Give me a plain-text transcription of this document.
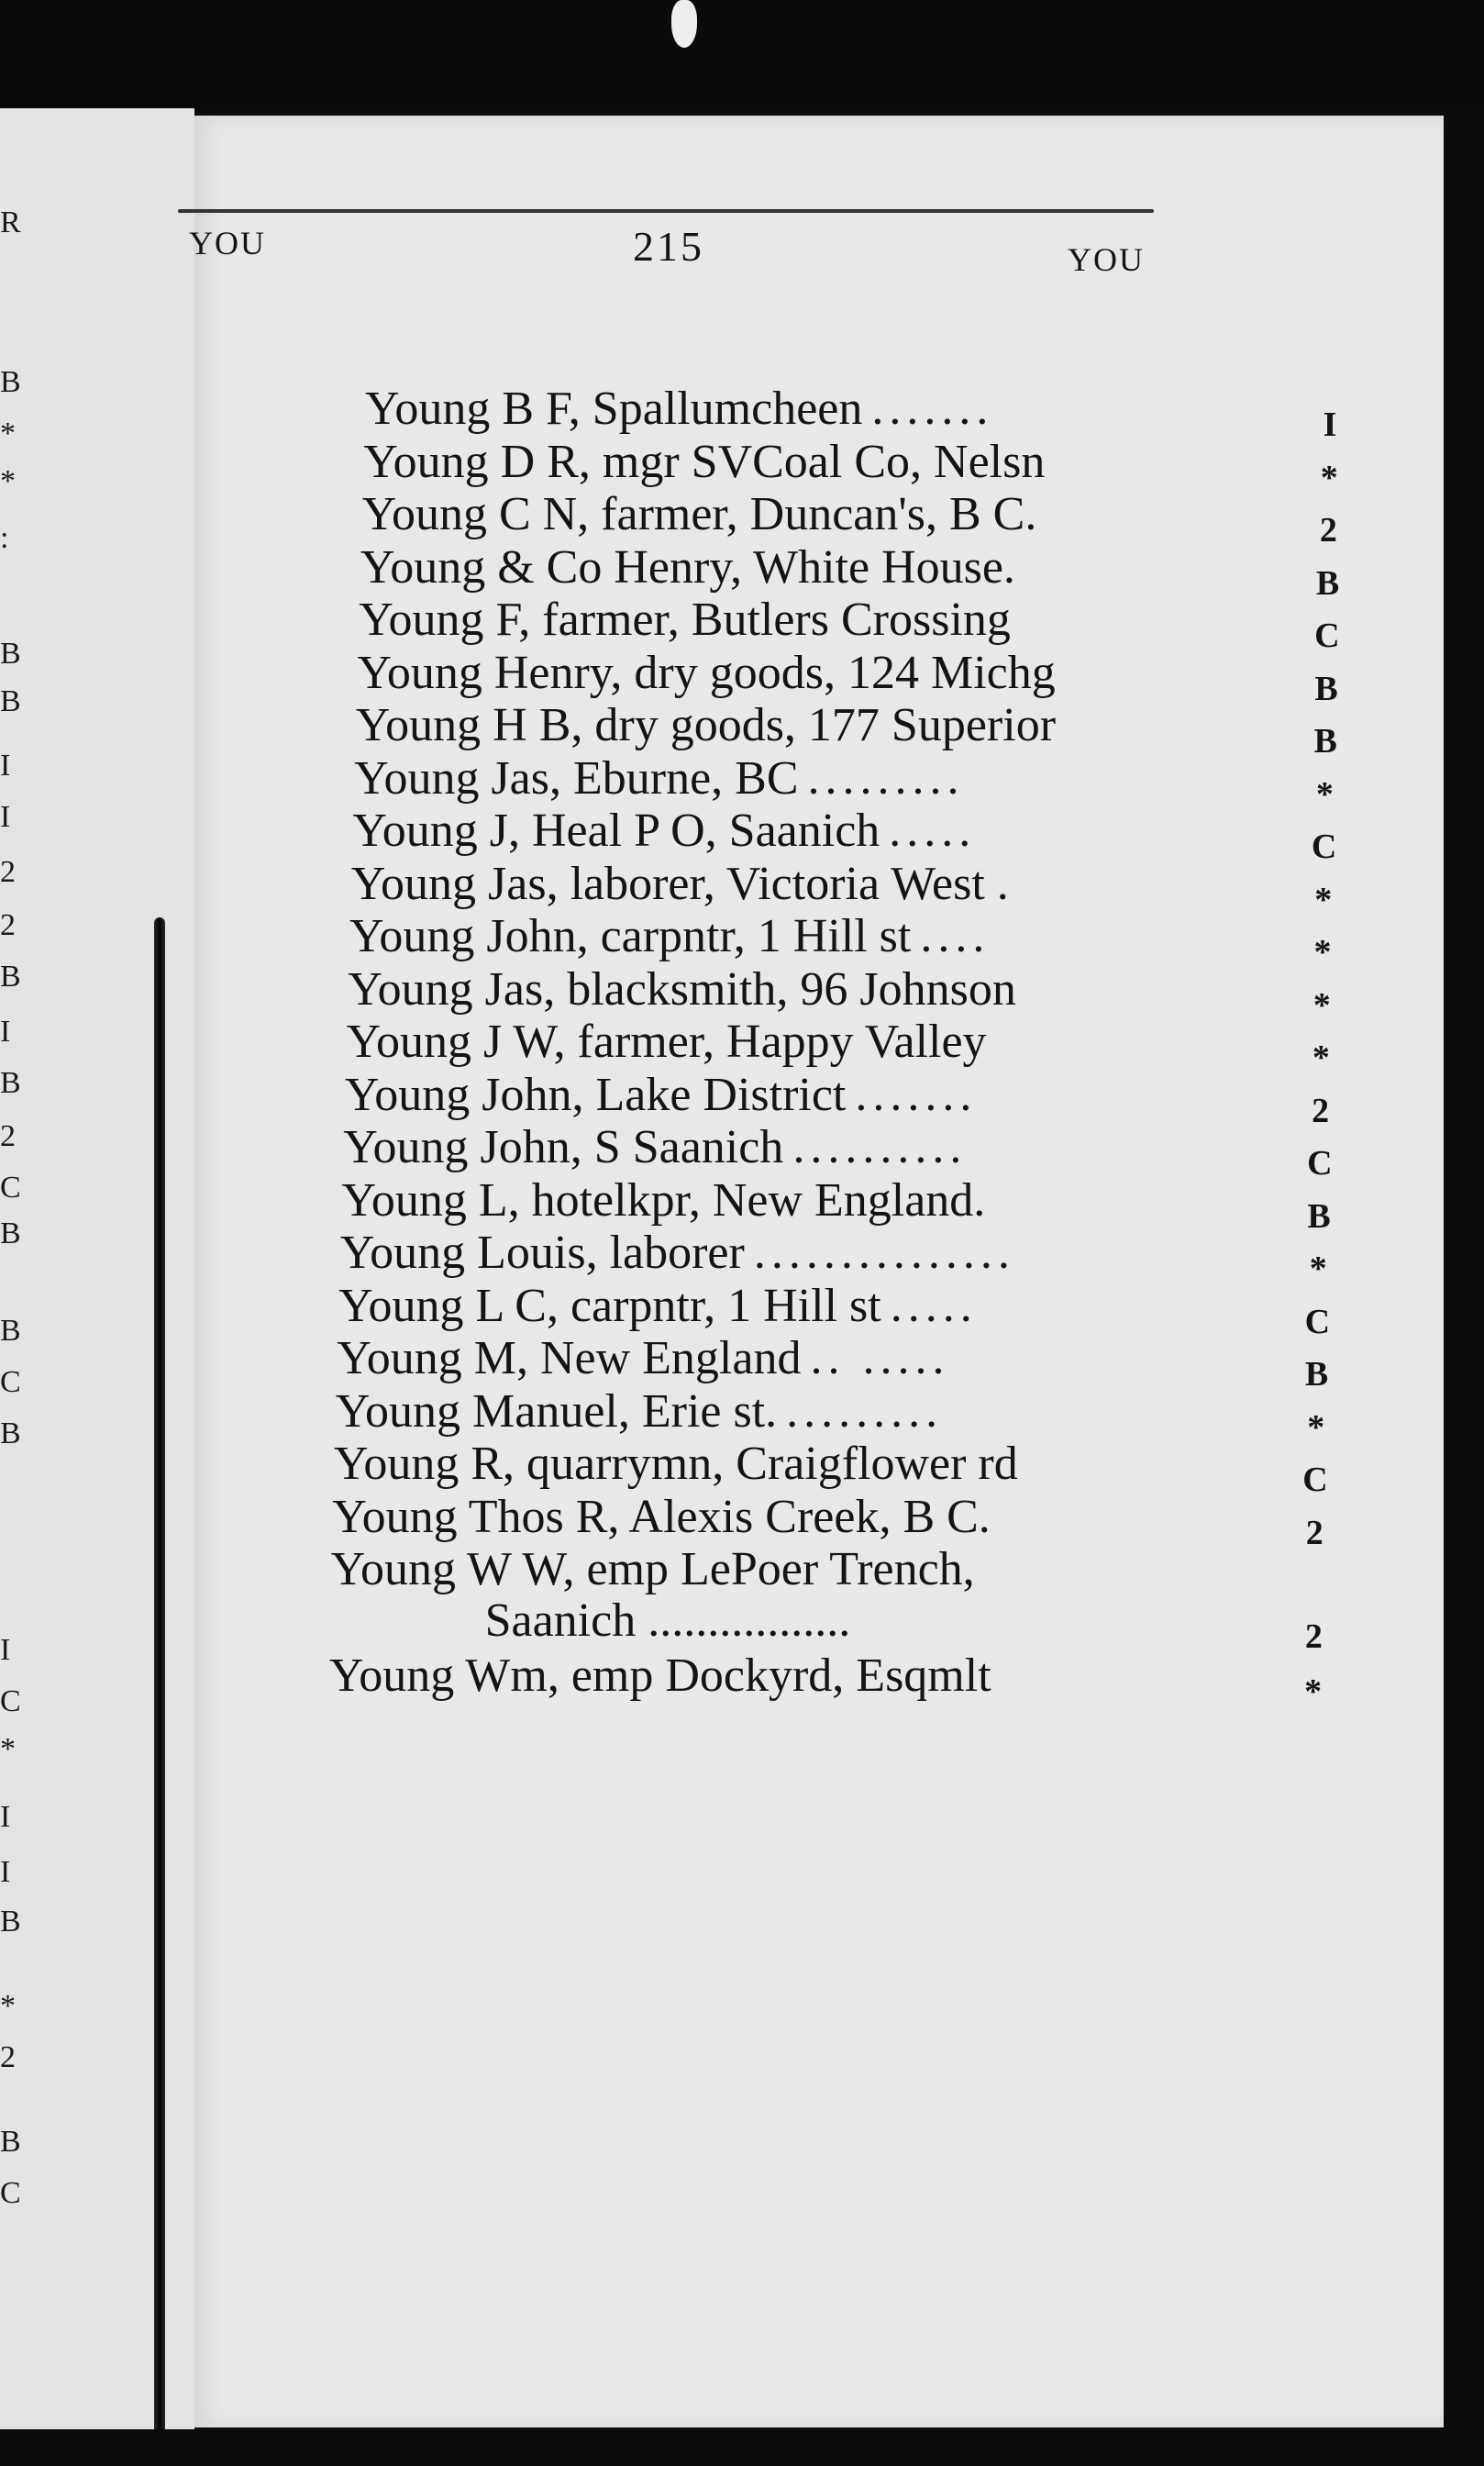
R
B
*
*
:
B
B
I
I
2
2
B
I
B
2
C
B
B
C
B
I
C
*
I
I
B
*
2
B
C
YOU	215	YOU
Young B F, Spallumcheen .......	I
Young D R, mgr SVCoal Co, Nelsn	*
Young C N, farmer, Duncan's, B C.	2
Young & Co Henry, White House.	B
Young F, farmer, Butlers Crossing	C
Young Henry, dry goods, 124 Michg	B
Young H B, dry goods, 177 Superior	B
Young Jas, Eburne, BC .........	*
Young J, Heal P O, Saanich .....	C
Young Jas, laborer, Victoria West .	*
Young John, carpntr, 1 Hill st ....	*
Young Jas, blacksmith, 96 Johnson	*
Young J W, farmer, Happy Valley	*
Young John, Lake District .......	2
Young John, S Saanich ..........	C
Young L, hotelkpr, New England.	B
Young Louis, laborer ...............	*
Young L C, carpntr, 1 Hill st .....	C
Young M, New England .. .....	B
Young Manuel, Erie st. .........	*
Young R, quarrymn, Craigflower rd	C
Young Thos R, Alexis Creek, B C.	2
Young W W, emp LePoer Trench,
Saanich .................	2
Young Wm, emp Dockyrd, Esqmlt	*
